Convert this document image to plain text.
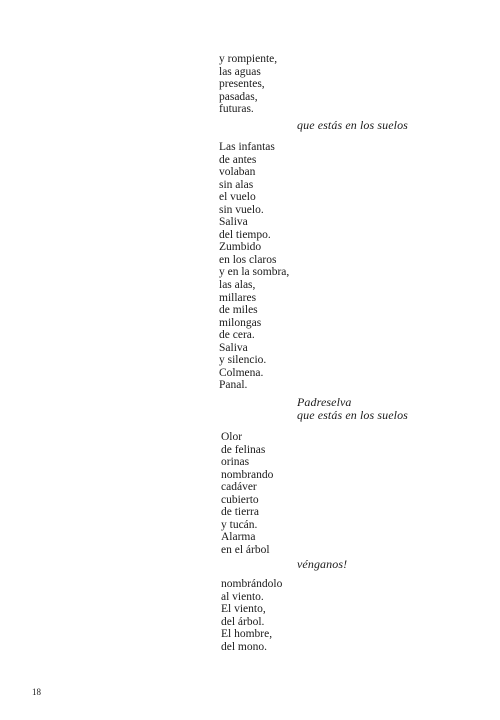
y rompiente,
las aguas
presentes,
pasadas,
futuras.

que estás en los suelos

Las infantas
de antes
volaban
sin alas
el vuelo
sin vuelo.
Saliva
del tiempo.
Zumbido
en los claros
y en la sombra,
las alas,
millares
de miles
milongas
de cera.
Saliva
y silencio.
Colmena.
Panal.

Padreselva
que estás en los suelos

Olor
de felinas
orinas
nombrando
cadáver
cubierto
de tierra
y tucán.
Alarma
en el árbol

vénganos!

nombrándolo
al viento.
El viento,
del árbol.
El hombre,
del mono.
18
